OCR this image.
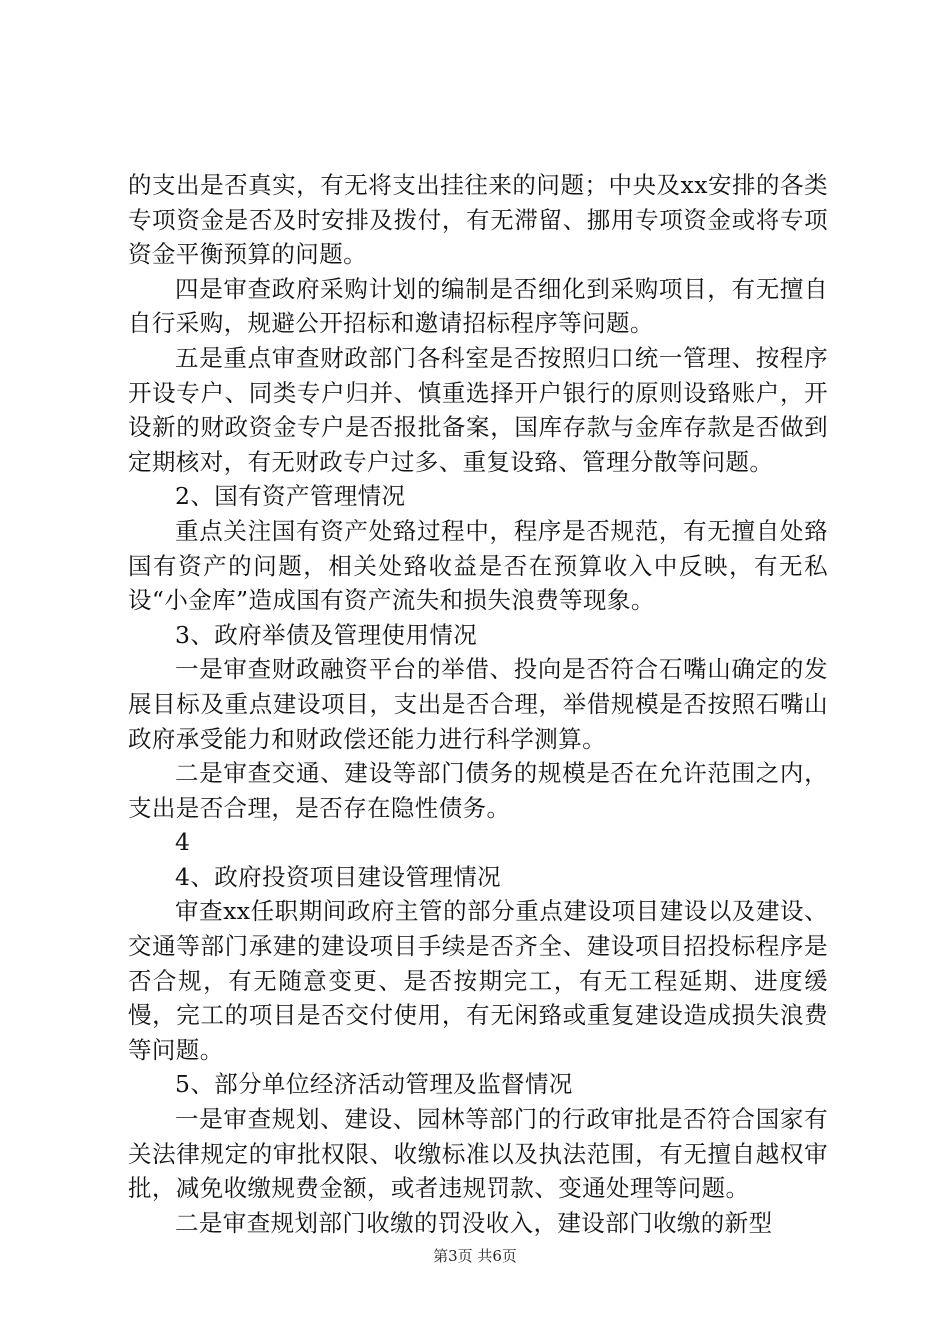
的支出是否真实，有无将支出挂往来的问题；中央及xx安排的各类专项资金是否及时安排及拨付，有无滞留、挪用专项资金或将专项资金平衡预算的问题。

四是审查政府采购计划的编制是否细化到采购项目，有无擅自自行采购，规避公开招标和邀请招标程序等问题。

五是重点审查财政部门各科室是否按照归口统一管理、按程序开设专户、同类专户归并、慎重选择开户银行的原则设臵账户，开设新的财政资金专户是否报批备案，国库存款与金库存款是否做到定期核对，有无财政专户过多、重复设臵、管理分散等问题。

2、国有资产管理情况

重点关注国有资产处臵过程中，程序是否规范，有无擅自处臵国有资产的问题，相关处臵收益是否在预算收入中反映，有无私设“小金库”造成国有资产流失和损失浪费等现象。

3、政府举债及管理使用情况

一是审查财政融资平台的举借、投向是否符合石嘴山确定的发展目标及重点建设项目，支出是否合理，举借规模是否按照石嘴山政府承受能力和财政偿还能力进行科学测算。

二是审查交通、建设等部门债务的规模是否在允许范围之内，支出是否合理，是否存在隐性债务。

4

4、政府投资项目建设管理情况

审查xx任职期间政府主管的部分重点建设项目建设以及建设、交通等部门承建的建设项目手续是否齐全、建设项目招投标程序是否合规，有无随意变更、是否按期完工，有无工程延期、进度缓慢，完工的项目是否交付使用，有无闲臵或重复建设造成损失浪费等问题。

5、部分单位经济活动管理及监督情况

一是审查规划、建设、园林等部门的行政审批是否符合国家有关法律规定的审批权限、收缴标准以及执法范围，有无擅自越权审批，减免收缴规费金额，或者违规罚款、变通处理等问题。

二是审查规划部门收缴的罚没收入，建设部门收缴的新型

第3页 共6页
